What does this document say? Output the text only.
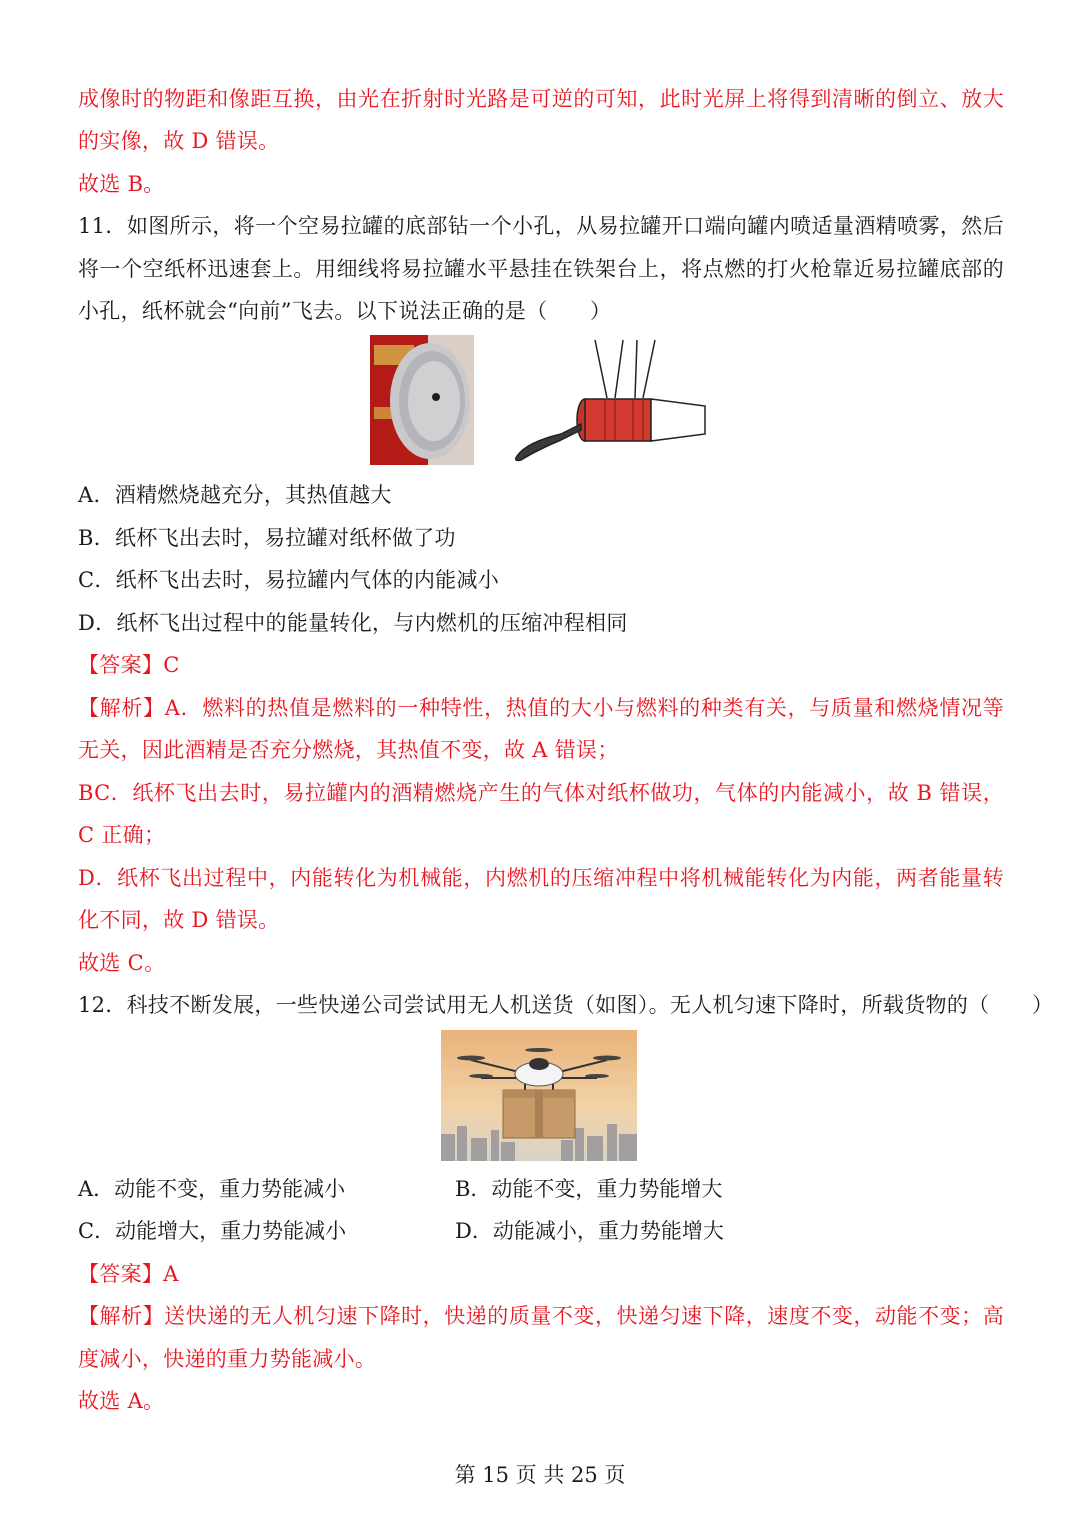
成像时的物距和像距互换，由光在折射时光路是可逆的可知，此时光屏上将得到清晰的倒立、放大
的实像，故 D 错误。
故选 B。
11．如图所示，将一个空易拉罐的底部钻一个小孔，从易拉罐开口端向罐内喷适量酒精喷雾，然后
将一个空纸杯迅速套上。用细线将易拉罐水平悬挂在铁架台上，将点燃的打火枪靠近易拉罐底部的
小孔，纸杯就会“向前”飞去。以下说法正确的是（　　）
A．酒精燃烧越充分，其热值越大
B．纸杯飞出去时，易拉罐对纸杯做了功
C．纸杯飞出去时，易拉罐内气体的内能减小
D．纸杯飞出过程中的能量转化，与内燃机的压缩冲程相同
【答案】C
【解析】A．燃料的热值是燃料的一种特性，热值的大小与燃料的种类有关，与质量和燃烧情况等
无关，因此酒精是否充分燃烧，其热值不变，故 A 错误；
BC．纸杯飞出去时，易拉罐内的酒精燃烧产生的气体对纸杯做功，气体的内能减小，故 B 错误，
C 正确；
D．纸杯飞出过程中，内能转化为机械能，内燃机的压缩冲程中将机械能转化为内能，两者能量转
化不同，故 D 错误。
故选 C。
12．科技不断发展，一些快递公司尝试用无人机送货（如图）。无人机匀速下降时，所载货物的（　　）
A．动能不变，重力势能减小	B．动能不变，重力势能增大
C．动能增大，重力势能减小	D．动能减小，重力势能增大
【答案】A
【解析】送快递的无人机匀速下降时，快递的质量不变，快递匀速下降，速度不变，动能不变；高
度减小，快递的重力势能减小。
故选 A。
第 15 页 共 25 页
